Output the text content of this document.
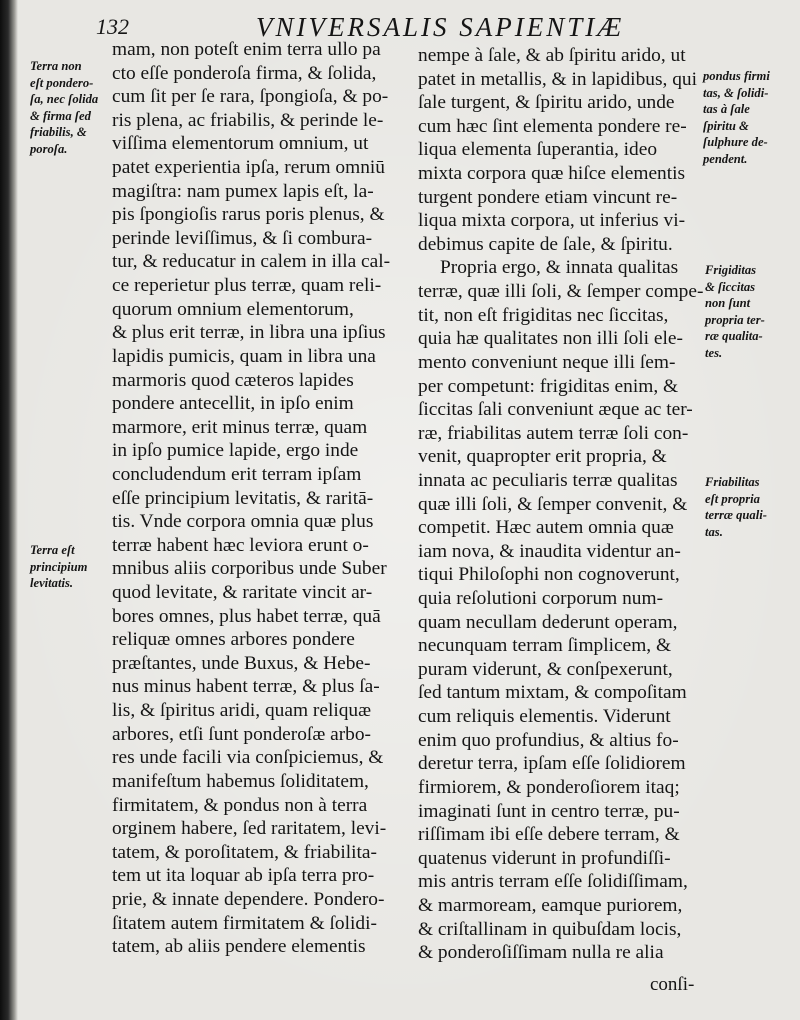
132	VNIVERSALIS SAPIENTIÆ
Terra non
eſt pondero-
ſa, nec ſolida
& firma ſed
friabilis, &
poroſa.
Terra eſt
principium
levitatis.
pondus firmi
tas, & ſolidi-
tas à ſale
ſpiritu &
ſulphure de-
pendent.
Frigiditas
& ſiccitas
non ſunt
propria ter-
ræ qualita-
tes.
Friabilitas
eſt propria
terræ quali-
tas.
mam, non poteſt enim terra ullo pa
cto eſſe ponderoſa firma, & ſolida,
cum ſit per ſe rara, ſpongioſa, & po-
ris plena, ac friabilis, & perinde le-
viſſima elementorum omnium, ut
patet experientia ipſa, rerum omniū
magiſtra: nam pumex lapis eſt, la-
pis ſpongioſis rarus poris plenus, &
perinde leviſſimus, & ſi combura-
tur, & reducatur in calem in illa cal-
ce reperietur plus terræ, quam reli-
quorum omnium elementorum,
& plus erit terræ, in libra una ipſius
lapidis pumicis, quam in libra una
marmoris quod cæteros lapides
pondere antecellit, in ipſo enim
marmore, erit minus terræ, quam
in ipſo pumice lapide, ergo inde
concludendum erit terram ipſam
eſſe principium levitatis, & raritā-
tis. Vnde corpora omnia quæ plus
terræ habent hæc leviora erunt o-
mnibus aliis corporibus unde Suber
quod levitate, & raritate vincit ar-
bores omnes, plus habet terræ, quā
reliquæ omnes arbores pondere
præſtantes, unde Buxus, & Hebe-
nus minus habent terræ, & plus ſa-
lis, & ſpiritus aridi, quam reliquæ
arbores, etſi ſunt ponderoſæ arbo-
res unde facili via conſpiciemus, &
manifeſtum habemus ſoliditatem,
firmitatem, & pondus non à terra
orginem habere, ſed raritatem, levi-
tatem, & poroſitatem, & friabilita-
tem ut ita loquar ab ipſa terra pro-
prie, & innate dependere. Pondero-
ſitatem autem firmitatem & ſolidi-
tatem, ab aliis pendere elementis
nempe à ſale, & ab ſpiritu arido, ut
patet in metallis, & in lapidibus, qui
ſale turgent, & ſpiritu arido, unde
cum hæc ſint elementa pondere re-
liqua elementa ſuperantia, ideo
mixta corpora quæ hiſce elementis
turgent pondere etiam vincunt re-
liqua mixta corpora, ut inferius vi-
debimus capite de ſale, & ſpiritu.
Propria ergo, & innata qualitas
terræ, quæ illi ſoli, & ſemper compe-
tit, non eſt frigiditas nec ſiccitas,
quia hæ qualitates non illi ſoli ele-
mento conveniunt neque illi ſem-
per competunt: frigiditas enim, &
ſiccitas ſali conveniunt æque ac ter-
ræ, friabilitas autem terræ ſoli con-
venit, quapropter erit propria, &
innata ac peculiaris terræ qualitas
quæ illi ſoli, & ſemper convenit, &
competit. Hæc autem omnia quæ
iam nova, & inaudita videntur an-
tiqui Philoſophi non cognoverunt,
quia reſolutioni corporum num-
quam necullam dederunt operam,
necunquam terram ſimplicem, &
puram viderunt, & conſpexerunt,
ſed tantum mixtam, & compoſitam
cum reliquis elementis. Viderunt
enim quo profundius, & altius fo-
deretur terra, ipſam eſſe ſolidiorem
firmiorem, & ponderoſiorem itaq;
imaginati ſunt in centro terræ, pu-
riſſimam ibi eſſe debere terram, &
quatenus viderunt in profundiſſi-
mis antris terram eſſe ſolidiſſimam,
& marmoream, eamque puriorem,
& criſtallinam in quibuſdam locis,
& ponderoſiſſimam nulla re alia
conſi-
